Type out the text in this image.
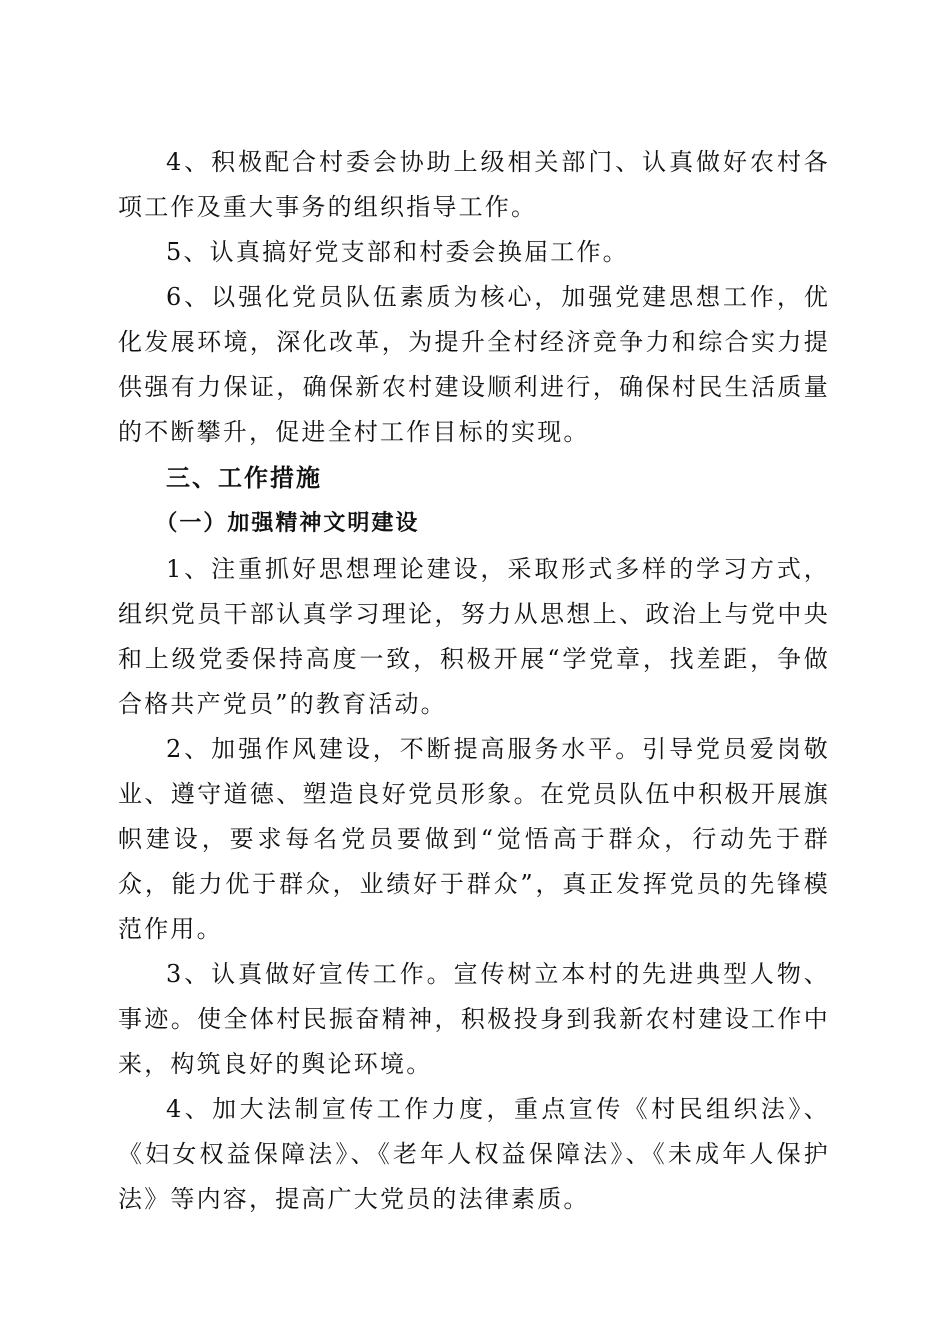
4、积极配合村委会协助上级相关部门、认真做好农村各项工作及重大事务的组织指导工作。

5、认真搞好党支部和村委会换届工作。

6、以强化党员队伍素质为核心，加强党建思想工作，优化发展环境，深化改革，为提升全村经济竞争力和综合实力提供强有力保证，确保新农村建设顺利进行，确保村民生活质量的不断攀升，促进全村工作目标的实现。

三、工作措施
（一）加强精神文明建设

1、注重抓好思想理论建设，采取形式多样的学习方式，组织党员干部认真学习理论，努力从思想上、政治上与党中央和上级党委保持高度一致，积极开展“学党章，找差距，争做合格共产党员”的教育活动。

2、加强作风建设，不断提高服务水平。引导党员爱岗敬业、遵守道德、塑造良好党员形象。在党员队伍中积极开展旗帜建设，要求每名党员要做到“觉悟高于群众，行动先于群众，能力优于群众，业绩好于群众”，真正发挥党员的先锋模范作用。

3、认真做好宣传工作。宣传树立本村的先进典型人物、事迹。使全体村民振奋精神，积极投身到我新农村建设工作中来，构筑良好的舆论环境。

4、加大法制宣传工作力度，重点宣传《村民组织法》、《妇女权益保障法》、《老年人权益保障法》、《未成年人保护法》等内容，提高广大党员的法律素质。
